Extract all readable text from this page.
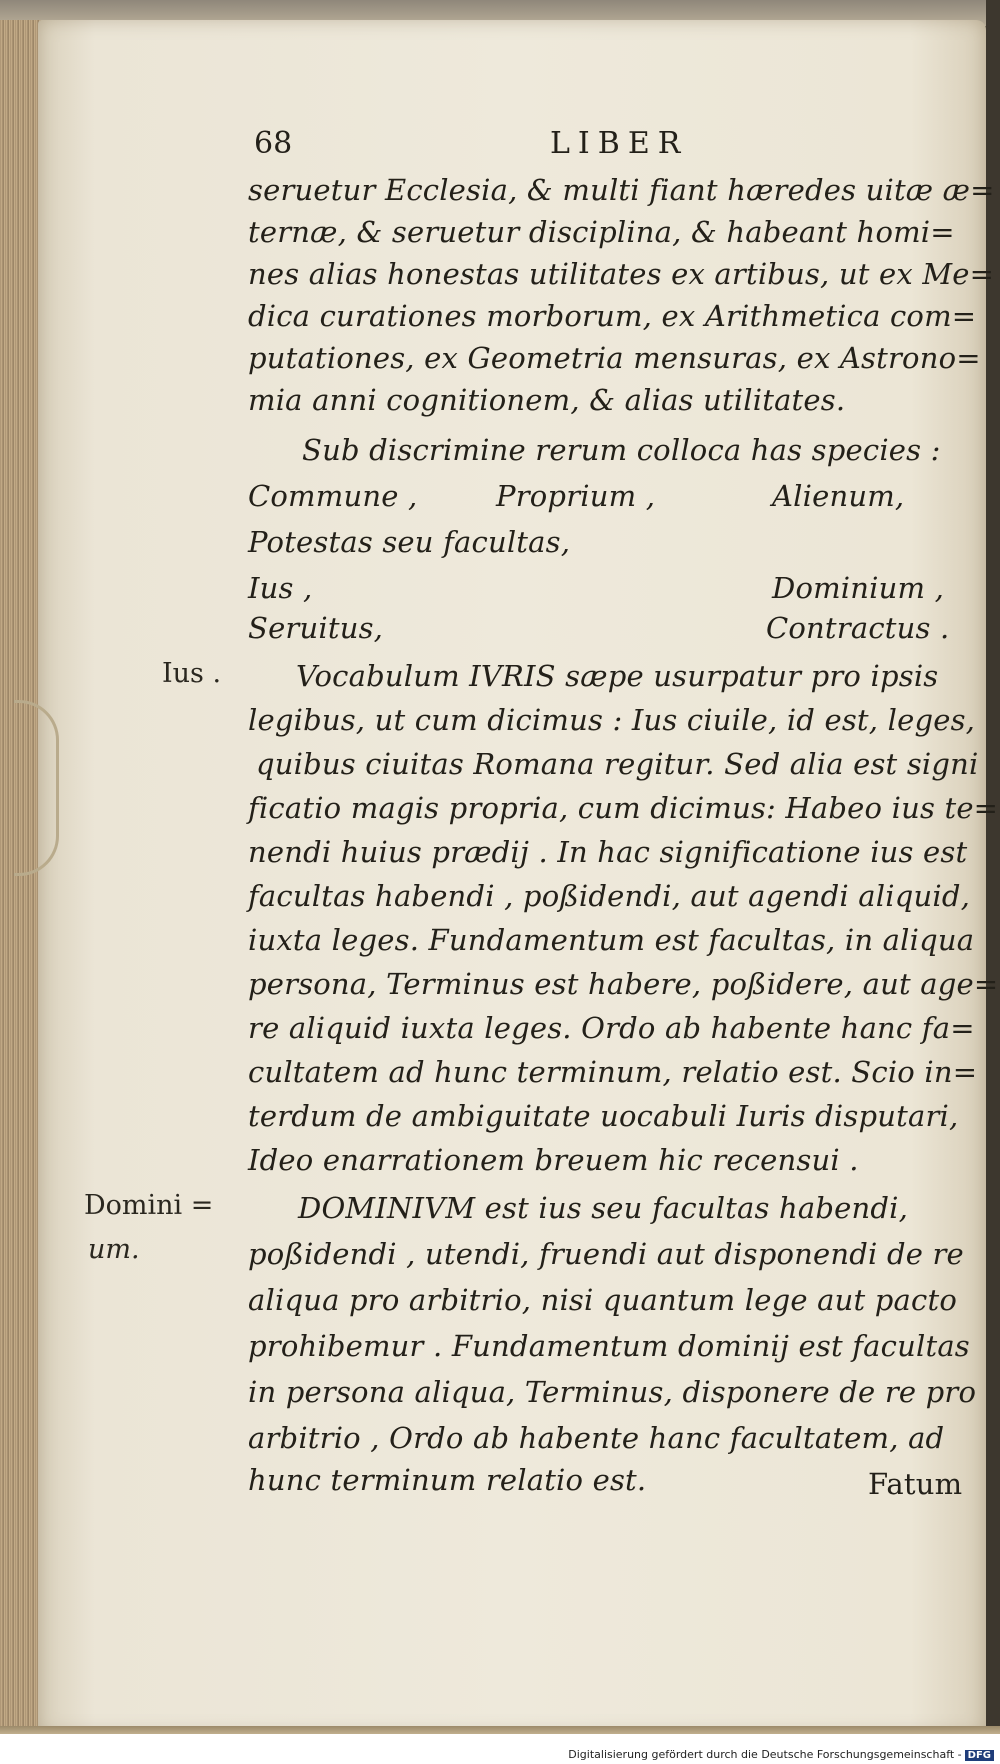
Digitalisierung gefördert durch die Deutsche Forschungsgemeinschaft - DFG
68	LIBER
seruetur Ecclesia, & multi fiant hæredes uitæ æ=
ternæ, & seruetur disciplina, & habeant homi=
nes alias honestas utilitates ex artibus, ut ex Me=
dica curationes morborum, ex Arithmetica com=
putationes, ex Geometria mensuras, ex Astrono=
mia anni cognitionem, & alias utilitates.
Sub discrimine rerum colloca has species :
Commune ,	Proprium ,	Alienum,
Potestas seu facultas,
Ius ,	Dominium ,
Seruitus,	Contractus .
Ius .	Vocabulum IVRIS sæpe usurpatur pro ipsis
legibus, ut cum dicimus : Ius ciuile, id est, leges,
quibus ciuitas Romana regitur. Sed alia est signi
ficatio magis propria, cum dicimus: Habeo ius te=
nendi huius prædij . In hac significatione ius est
facultas habendi , poßidendi, aut agendi aliquid,
iuxta leges. Fundamentum est facultas, in aliqua
persona, Terminus est habere, poßidere, aut age=
re aliquid iuxta leges. Ordo ab habente hanc fa=
cultatem ad hunc terminum, relatio est. Scio in=
terdum de ambiguitate uocabuli Iuris disputari,
Ideo enarrationem breuem hic recensui .
Domini =
um.
DOMINIVM est ius seu facultas habendi,
poßidendi , utendi, fruendi aut disponendi de re
aliqua pro arbitrio, nisi quantum lege aut pacto
prohibemur . Fundamentum dominij est facultas
in persona aliqua, Terminus, disponere de re pro
arbitrio , Ordo ab habente hanc facultatem, ad
hunc terminum relatio est.	Fatum
